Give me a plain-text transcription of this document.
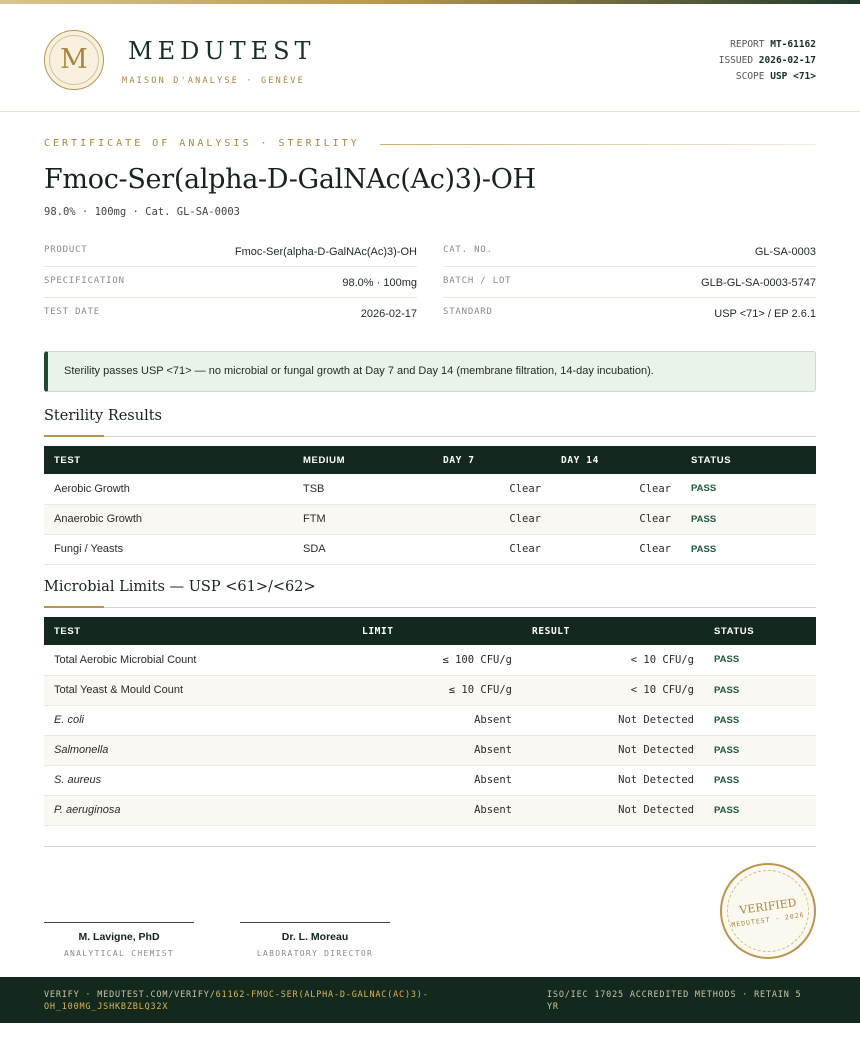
M	MEDUTEST
MAISON D'ANALYSE · GENÈVE
REPORT MT-61162
ISSUED 2026-02-17
SCOPE USP <71>
CERTIFICATE OF ANALYSIS · STERILITY
Fmoc-Ser(alpha-D-GalNAc(Ac)3)-OH
98.0% · 100mg · Cat. GL-SA-0003
PRODUCT	Fmoc-Ser(alpha-D-GalNAc(Ac)3)-OH
SPECIFICATION	98.0% · 100mg
TEST DATE	2026-02-17
CAT. NO.	GL-SA-0003
BATCH / LOT	GLB-GL-SA-0003-5747
STANDARD	USP <71> / EP 2.6.1
Sterility passes USP <71> — no microbial or fungal growth at Day 7 and Day 14 (membrane filtration, 14-day incubation).
Sterility Results
TEST	MEDIUM	DAY 7	DAY 14	STATUS
Aerobic Growth	TSB	Clear	Clear	PASS
Anaerobic Growth	FTM	Clear	Clear	PASS
Fungi / Yeasts	SDA	Clear	Clear	PASS
Microbial Limits — USP <61>/<62>
TEST	LIMIT	RESULT	STATUS
Total Aerobic Microbial Count	≤ 100 CFU/g	< 10 CFU/g	PASS
Total Yeast & Mould Count	≤ 10 CFU/g	< 10 CFU/g	PASS
E. coli	Absent	Not Detected	PASS
Salmonella	Absent	Not Detected	PASS
S. aureus	Absent	Not Detected	PASS
P. aeruginosa	Absent	Not Detected	PASS
M. Lavigne, PhD
ANALYTICAL CHEMIST
Dr. L. Moreau
LABORATORY DIRECTOR
VERIFIED
MEDUTEST · 2026
VERIFY · MEDUTEST.COM/VERIFY/61162-FMOC-SER(ALPHA-D-GALNAC(AC)3)-OH_100MG_JSHKBZBLQ32X
ISO/IEC 17025 ACCREDITED METHODS · RETAIN 5 YR
